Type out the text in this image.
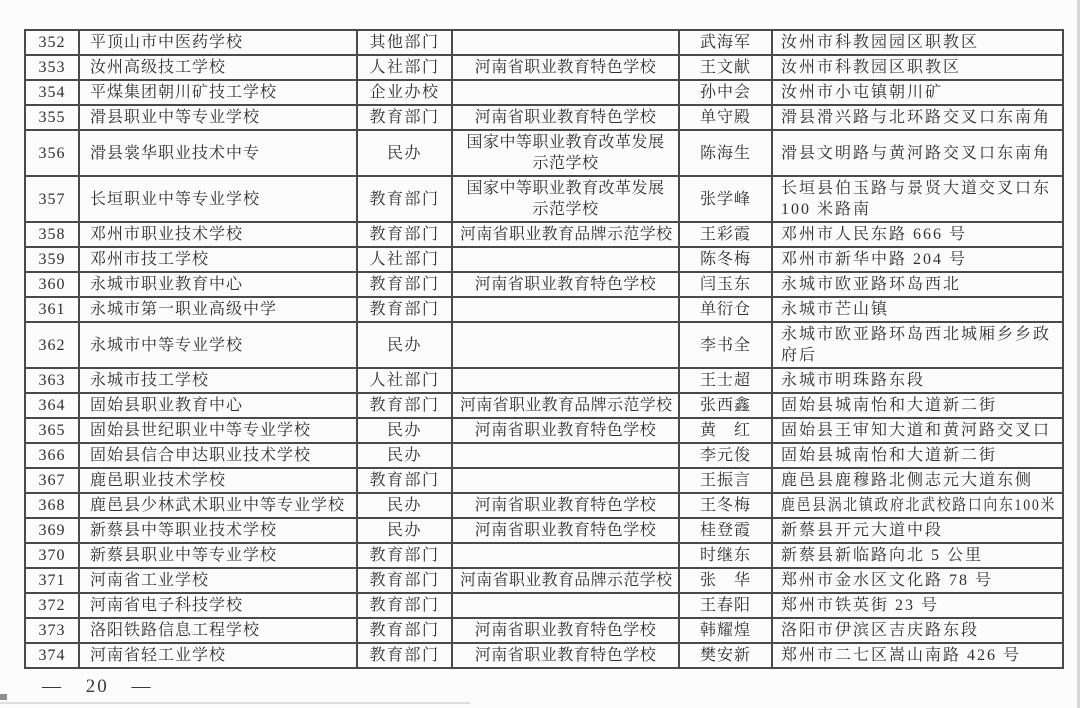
352	平顶山市中医药学校	其他部门		武海军	汝州市科教园园区职教区
353	汝州高级技工学校	人社部门	河南省职业教育特色学校	王文献	汝州市科教园区职教区
354	平煤集团朝川矿技工学校	企业办校		孙中会	汝州市小屯镇朝川矿
355	滑县职业中等专业学校	教育部门	河南省职业教育特色学校	单守殿	滑县滑兴路与北环路交叉口东南角
356	滑县裳华职业技术中专	民办	国家中等职业教育改革发展示范学校	陈海生	滑县文明路与黄河路交叉口东南角
357	长垣职业中等专业学校	教育部门	国家中等职业教育改革发展示范学校	张学峰	长垣县伯玉路与景贤大道交叉口东 100 米路南
358	邓州市职业技术学校	教育部门	河南省职业教育品牌示范学校	王彩霞	邓州市人民东路 666 号
359	邓州市技工学校	人社部门		陈冬梅	邓州市新华中路 204 号
360	永城市职业教育中心	教育部门	河南省职业教育特色学校	闫玉东	永城市欧亚路环岛西北
361	永城市第一职业高级中学	教育部门		单衍仓	永城市芒山镇
362	永城市中等专业学校	民办		李书全	永城市欧亚路环岛西北城厢乡乡政府后
363	永城市技工学校	人社部门		王士超	永城市明珠路东段
364	固始县职业教育中心	教育部门	河南省职业教育品牌示范学校	张西鑫	固始县城南怡和大道新二街
365	固始县世纪职业中等专业学校	民办	河南省职业教育特色学校	黄　红	固始县王审知大道和黄河路交叉口
366	固始县信合申达职业技术学校	民办		李元俊	固始县城南怡和大道新二街
367	鹿邑职业技术学校	教育部门		王振言	鹿邑县鹿穆路北侧志元大道东侧
368	鹿邑县少林武术职业中等专业学校	民办	河南省职业教育特色学校	王冬梅	鹿邑县涡北镇政府北武校路口向东100米
369	新蔡县中等职业技术学校	民办	河南省职业教育特色学校	桂登霞	新蔡县开元大道中段
370	新蔡县职业中等专业学校	教育部门		时继东	新蔡县新临路向北 5 公里
371	河南省工业学校	教育部门	河南省职业教育品牌示范学校	张　华	郑州市金水区文化路 78 号
372	河南省电子科技学校	教育部门		王春阳	郑州市铁英街 23 号
373	洛阳铁路信息工程学校	教育部门	河南省职业教育特色学校	韩耀煌	洛阳市伊滨区吉庆路东段
374	河南省轻工业学校	教育部门	河南省职业教育特色学校	樊安新	郑州市二七区嵩山南路 426 号
— 20 —
